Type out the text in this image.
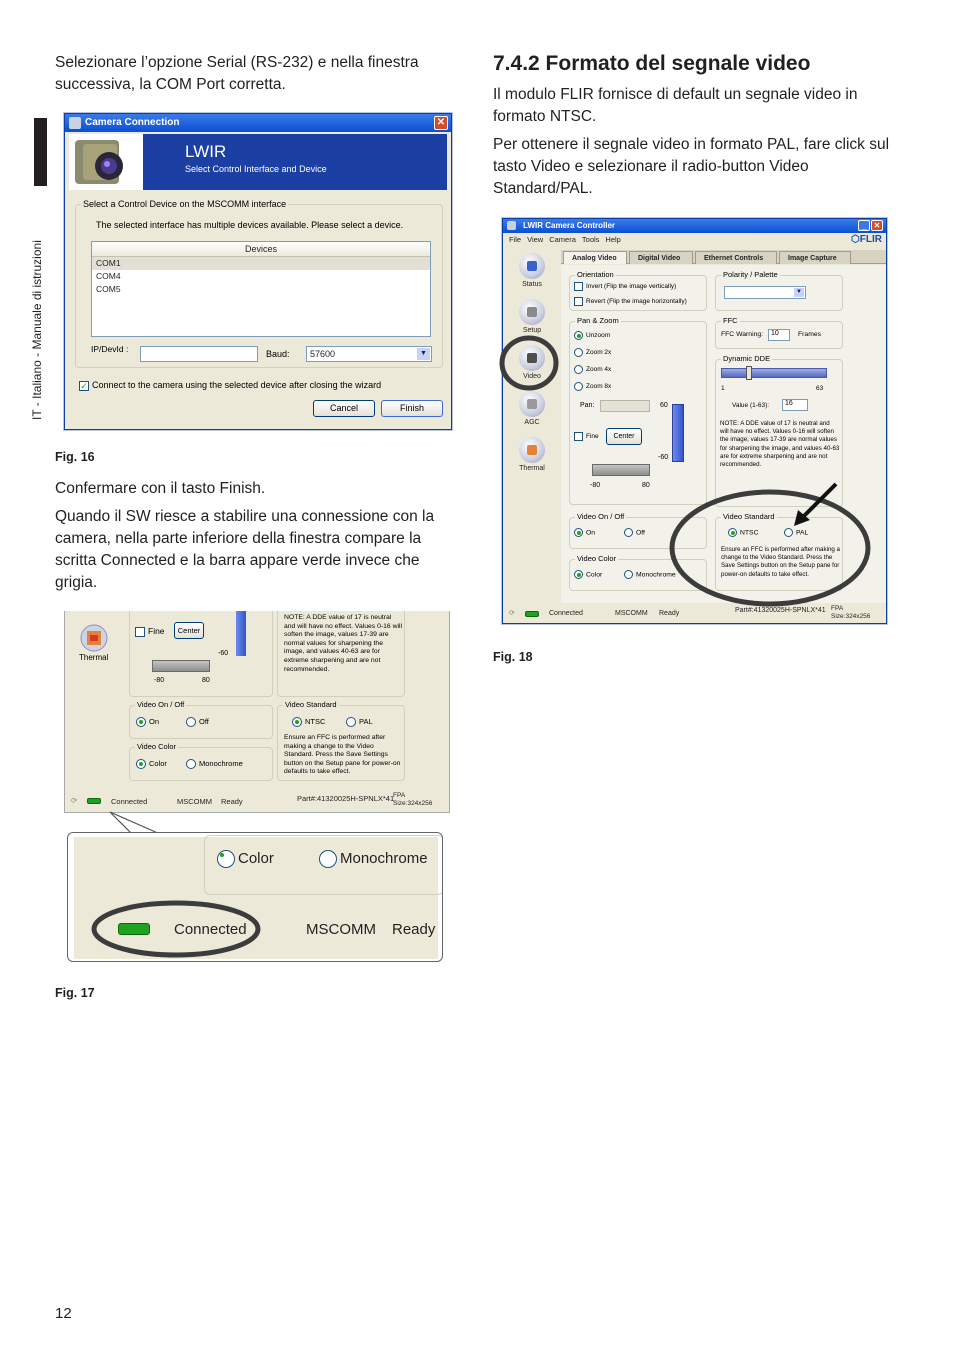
IT - Italiano - Manuale di istruzioni
Selezionare l’opzione Serial (RS-232) e nella finestra successiva, la COM Port corretta.
Camera Connection	✕
LWIR
Select Control Interface and Device
Select a Control Device on the MSCOMM interface
The selected interface has multiple devices available. Please select a device.
Devices
COM1
COM4
COM5
IP/DevId :	Baud:	57600	▼
✓Connect to the camera using the selected device after closing the wizard
Cancel	Finish
Fig. 16
Confermare con il tasto Finish.
Quando il SW riesce a stabilire una connessione con la camera, nella parte inferiore della finestra compare la scritta Connected e la barra appare verde invece che grigia.
Thermal
Fine	Center
-60
-80	80
NOTE: A DDE value of 17 is neutral and will have no effect. Values 0-16 will soften the image, values 17-39 are normal values for sharpening the image, and values 40-63 are for extreme sharpening and are not recommended.
Video On / Off
On	Off
Video Color
Color	Monochrome
Video Standard
NTSC	PAL
Ensure an FFC is performed after making a change to the Video Standard. Press the Save Settings button on the Setup pane for power-on defaults to take effect.
⟳	Connected	MSCOMM Ready	Part#:41320025H-SPNLX*41
FPA
Size:324x256
Color	Monochrome
Connected	MSCOMM Ready
Fig. 17
7.4.2 Formato del segnale video
Il modulo FLIR fornisce di default un segnale video in formato NTSC.
Per ottenere il segnale video in formato PAL, fare click sul tasto Video e selezionare il radio-button Video Standard/PAL.
LWIR Camera Controller	_ ✕
File View Camera Tools Help	⬡FLIR
Status
Setup
Video
AGC
Thermal
Analog Video	Digital Video	Ethernet Controls	Image Capture
Orientation
Invert (Flip the image vertically)
Revert (Flip the image horizontally)
Polarity / Palette
▼
Pan & Zoom
Unzoom
Zoom 2x
Zoom 4x
Zoom 8x
Pan:	60
-60
Fine	Center
-80	80
FFC
FFC Warning:	10	Frames
Dynamic DDE
1	63
Value (1-63):	16
NOTE: A DDE value of 17 is neutral and will have no effect. Values 0-16 will soften the image, values 17-39 are normal values for sharpening the image, and values 40-63 are for extreme sharpening and are not recommended.
Video On / Off
On	Off
Video Color
Color	Monochrome
Video Standard
NTSC	PAL
Ensure an FFC is performed after making a change to the Video Standard. Press the Save Settings button on the Setup pane for power-on defaults to take effect.
⟳	Connected	MSCOMM Ready	Part#:41320025H-SPNLX*41 FPA
Size:324x256
Fig. 18
12
